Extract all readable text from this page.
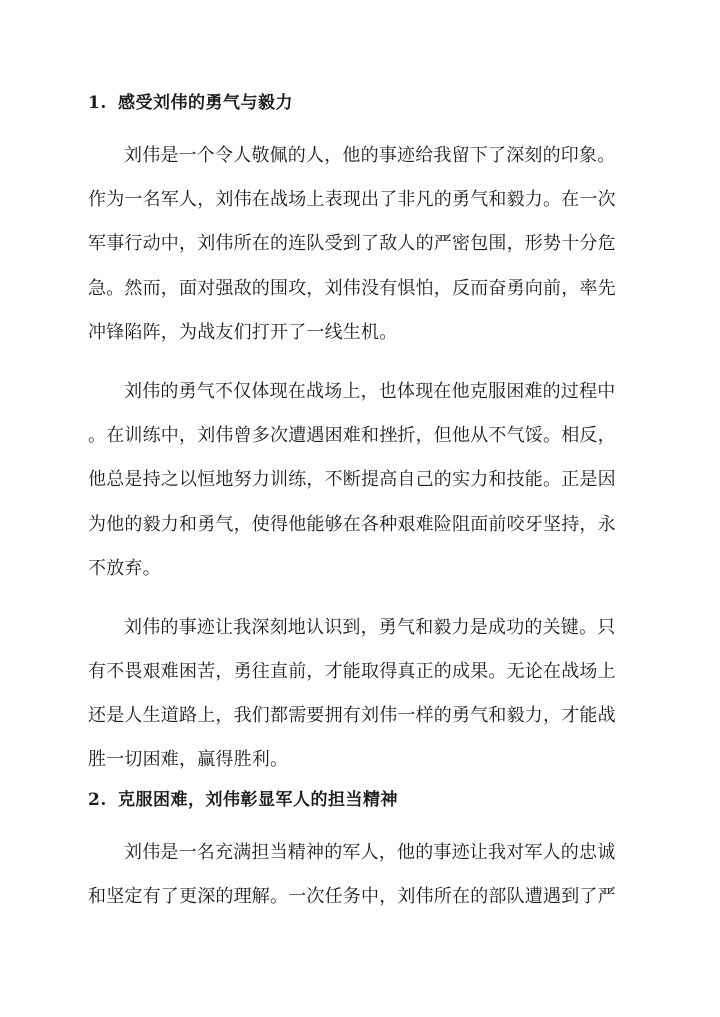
1. 感受刘伟的勇气与毅力
刘伟是一个令人敬佩的人，他的事迹给我留下了深刻的印象。
作为一名军人，刘伟在战场上表现出了非凡的勇气和毅力。在一次
军事行动中，刘伟所在的连队受到了敌人的严密包围，形势十分危
急。然而，面对强敌的围攻，刘伟没有惧怕，反而奋勇向前，率先
冲锋陷阵，为战友们打开了一线生机。
刘伟的勇气不仅体现在战场上，也体现在他克服困难的过程中
。在训练中，刘伟曾多次遭遇困难和挫折，但他从不气馁。相反，
他总是持之以恒地努力训练，不断提高自己的实力和技能。正是因
为他的毅力和勇气，使得他能够在各种艰难险阻面前咬牙坚持，永
不放弃。
刘伟的事迹让我深刻地认识到，勇气和毅力是成功的关键。只
有不畏艰难困苦，勇往直前，才能取得真正的成果。无论在战场上
还是人生道路上，我们都需要拥有刘伟一样的勇气和毅力，才能战
胜一切困难，赢得胜利。
2. 克服困难，刘伟彰显军人的担当精神
刘伟是一名充满担当精神的军人，他的事迹让我对军人的忠诚
和坚定有了更深的理解。一次任务中，刘伟所在的部队遭遇到了严
